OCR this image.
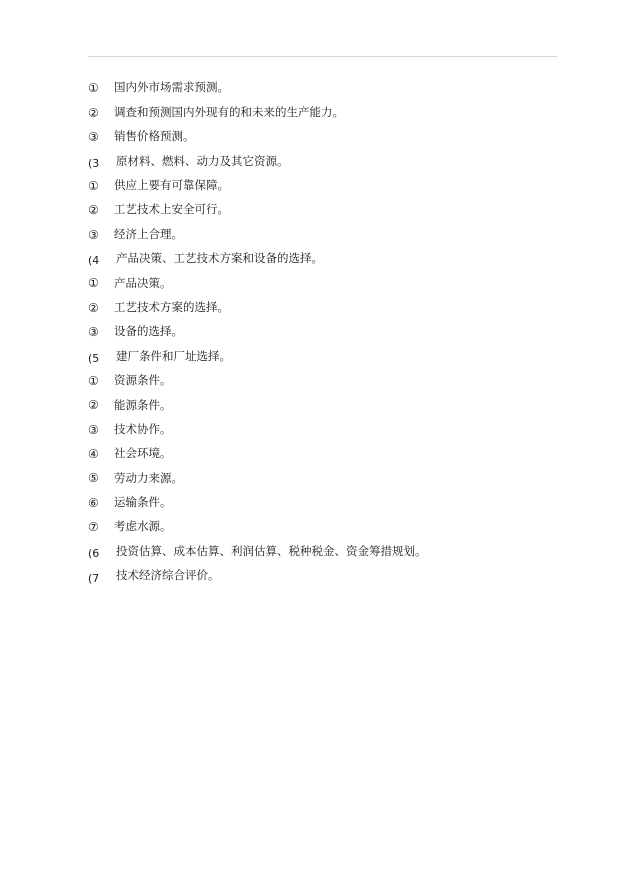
①	国内外市场需求预测。
②	调查和预测国内外现有的和未来的生产能力。
③	销售价格预测。
(3	原材料、燃料、动力及其它资源。
①	供应上要有可靠保障。
②	工艺技术上安全可行。
③	经济上合理。
(4	产品决策、工艺技术方案和设备的选择。
①	产品决策。
②	工艺技术方案的选择。
③	设备的选择。
(5	建厂条件和厂址选择。
①	资源条件。
②	能源条件。
③	技术协作。
④	社会环境。
⑤	劳动力来源。
⑥	运输条件。
⑦	考虑水源。
(6	投资估算、成本估算、利润估算、税种税金、资金筹措规划。
(7	技术经济综合评价。
